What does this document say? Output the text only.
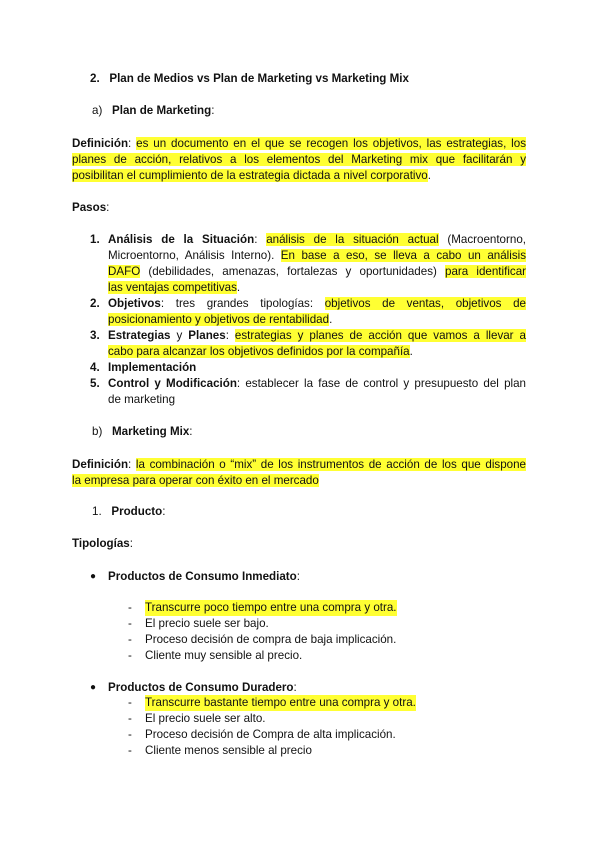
2. Plan de Medios vs Plan de Marketing vs Marketing Mix
a) Plan de Marketing:
Definición: es un documento en el que se recogen los objetivos, las estrategias, los
planes de acción, relativos a los elementos del Marketing mix que facilitarán y
posibilitan el cumplimiento de la estrategia dictada a nivel corporativo.
Pasos:
1. Análisis de la Situación: análisis de la situación actual (Macroentorno,
Microentorno, Análisis Interno). En base a eso, se lleva a cabo un análisis
DAFO (debilidades, amenazas, fortalezas y oportunidades) para identificar
las ventajas competitivas.
2. Objetivos: tres grandes tipologías: objetivos de ventas, objetivos de
posicionamiento y objetivos de rentabilidad.
3. Estrategias y Planes: estrategias y planes de acción que vamos a llevar a
cabo para alcanzar los objetivos definidos por la compañía.
4. Implementación
5. Control y Modificación: establecer la fase de control y presupuesto del plan
de marketing
b) Marketing Mix:
Definición: la combinación o “mix” de los instrumentos de acción de los que dispone
la empresa para operar con éxito en el mercado
1. Producto:
Tipologías:
● Productos de Consumo Inmediato:
- Transcurre poco tiempo entre una compra y otra.
- El precio suele ser bajo.
- Proceso decisión de compra de baja implicación.
- Cliente muy sensible al precio.
● Productos de Consumo Duradero:
- Transcurre bastante tiempo entre una compra y otra.
- El precio suele ser alto.
- Proceso decisión de Compra de alta implicación.
- Cliente menos sensible al precio
